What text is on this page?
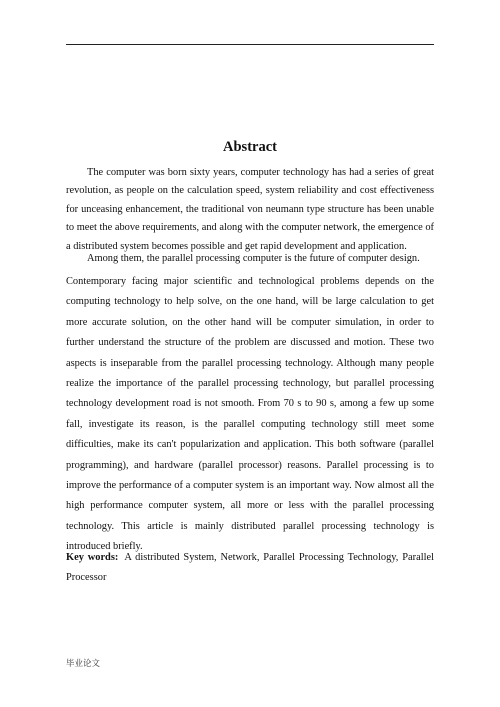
Abstract

The computer was born sixty years, computer technology has had a series of great revolution, as people on the calculation speed, system reliability and cost effectiveness for unceasing enhancement, the traditional von neumann type structure has been unable to meet the above requirements, and along with the computer network, the emergence of a distributed system becomes possible and get rapid development and application.

Among them, the parallel processing computer is the future of computer design.

Contemporary facing major scientific and technological problems depends on the computing technology to help solve, on the one hand, will be large calculation to get more accurate solution, on the other hand will be computer simulation, in order to further understand the structure of the problem are discussed and motion. These two aspects is inseparable from the parallel processing technology. Although many people realize the importance of the parallel processing technology, but parallel processing technology development road is not smooth. From 70 s to 90 s, among a few up some fall, investigate its reason, is the parallel computing technology still meet some difficulties, make its can't popularization and application. This both software (parallel programming), and hardware (parallel processor) reasons. Parallel processing is to improve the performance of a computer system is an important way. Now almost all the high performance computer system, all more or less with the parallel processing technology. This article is mainly distributed parallel processing technology is introduced briefly.

Key words: A distributed System, Network, Parallel Processing Technology, Parallel Processor

毕业论文
